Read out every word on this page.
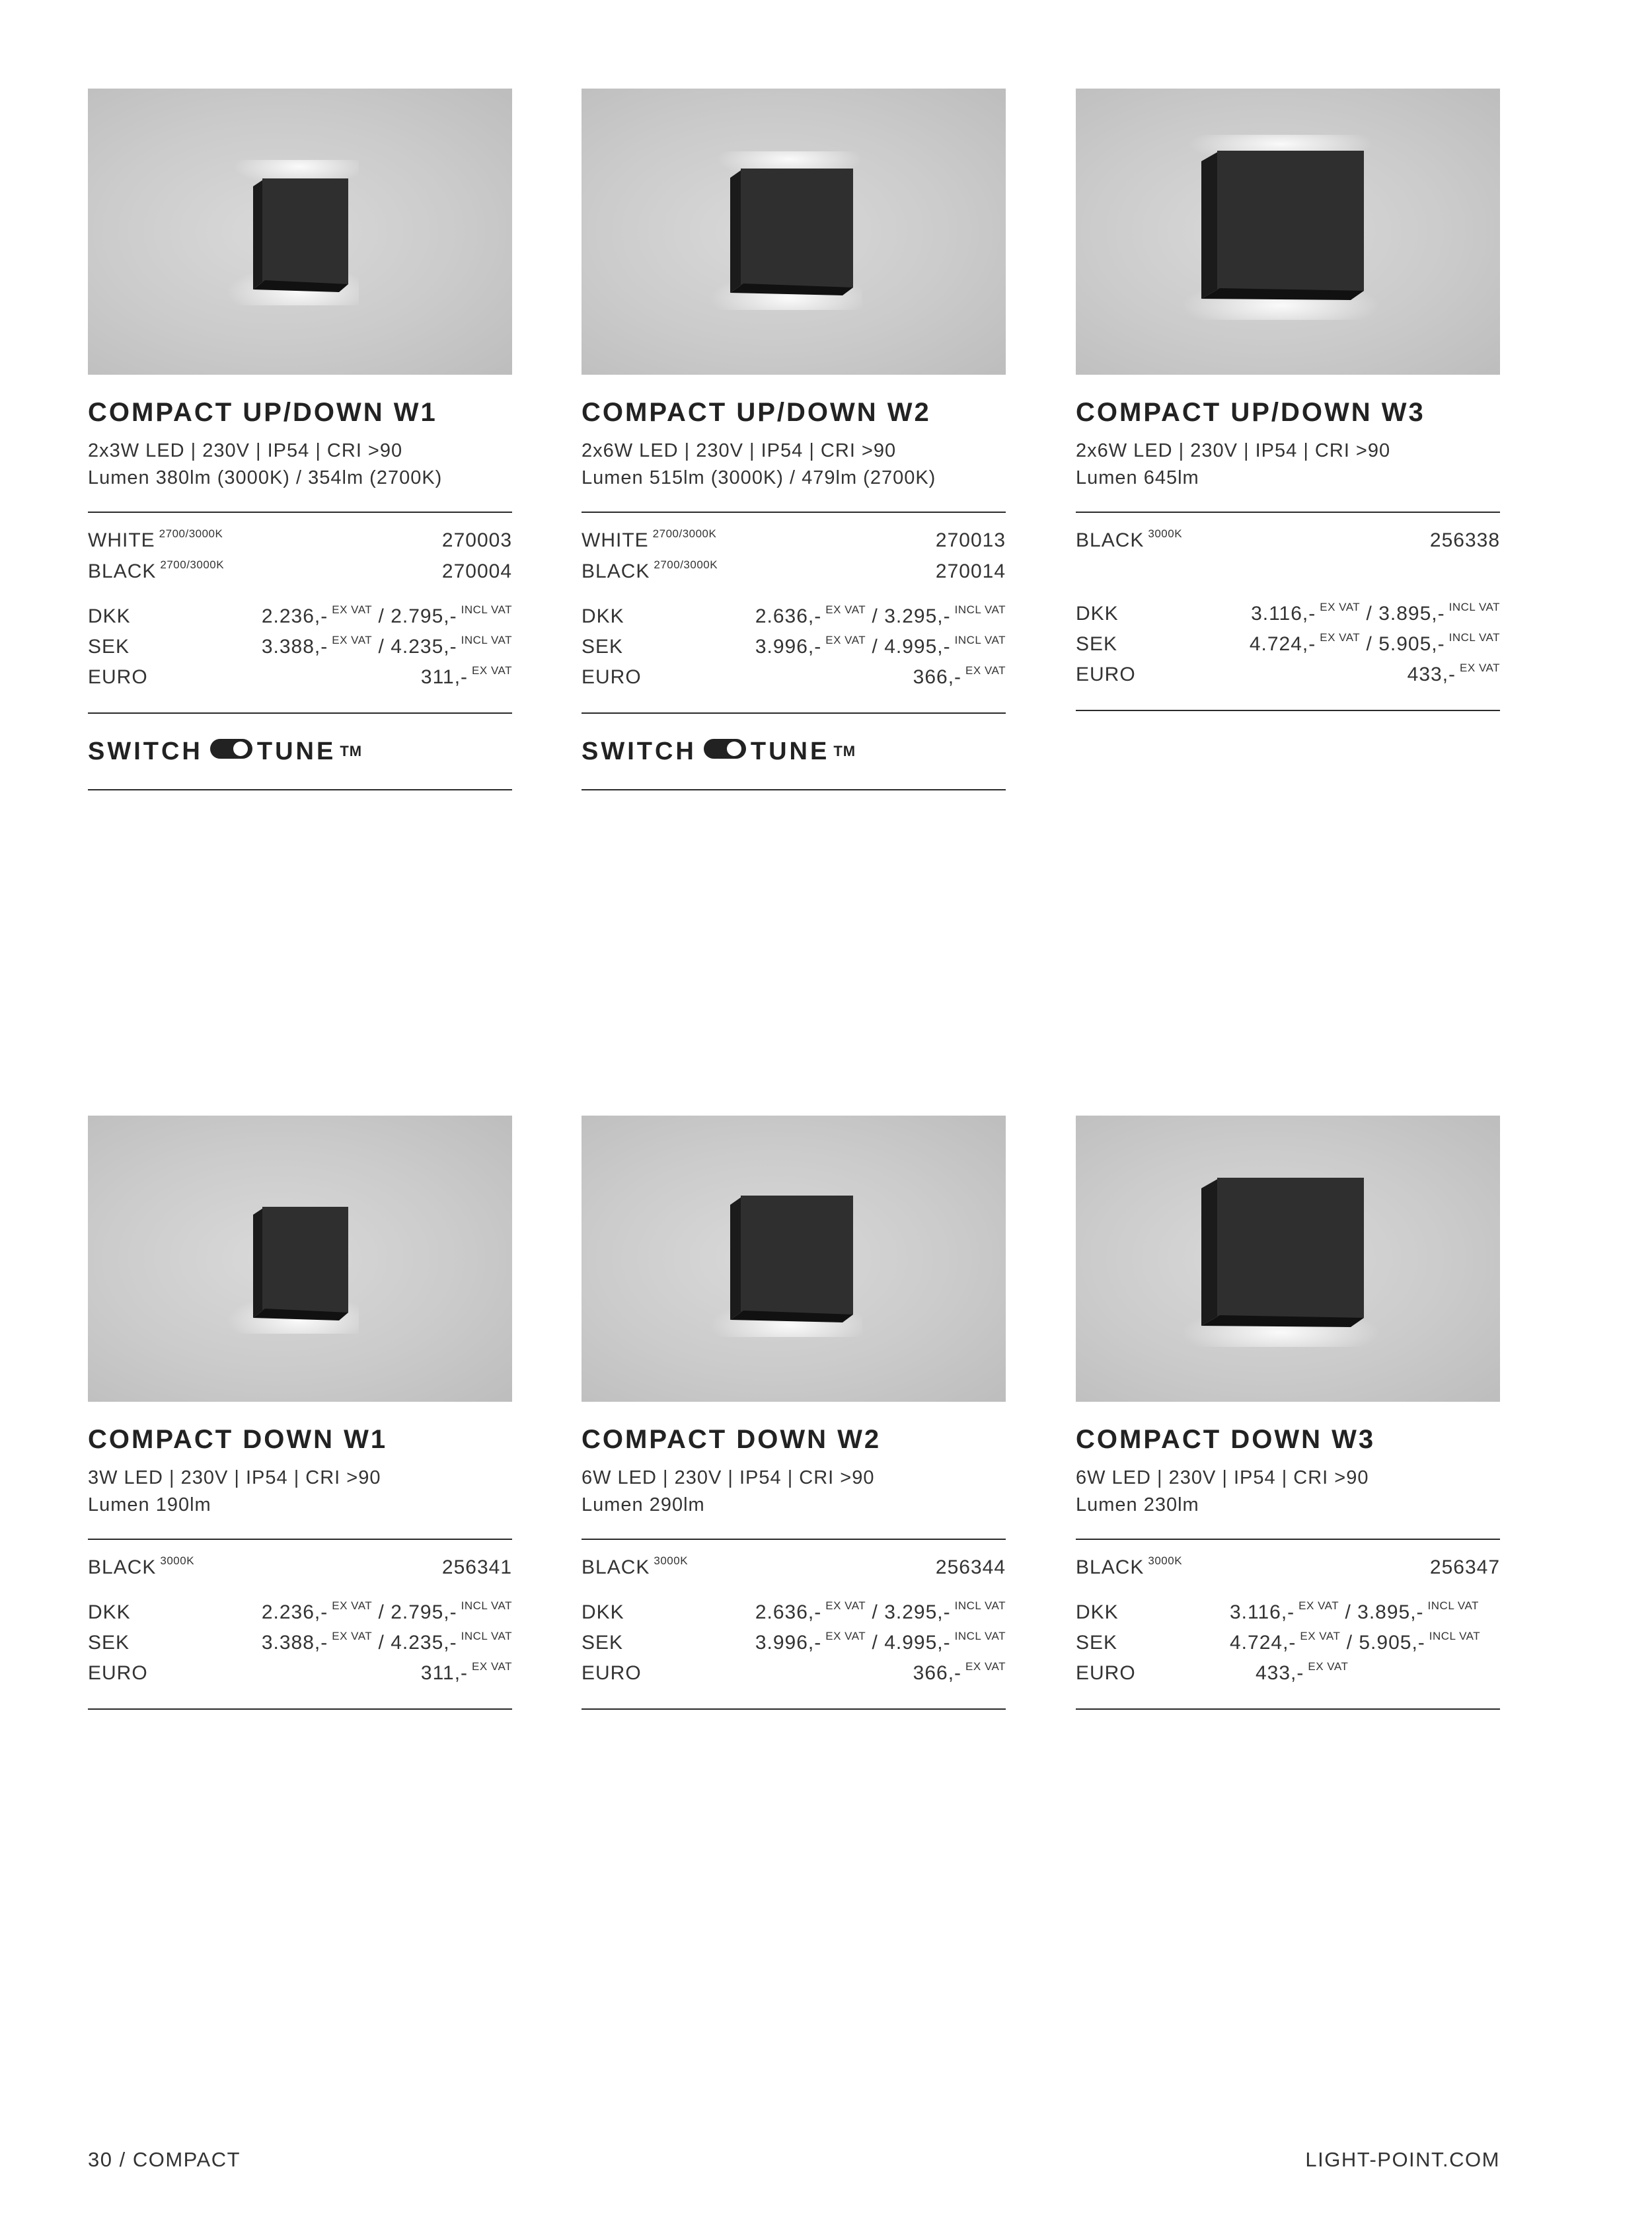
COMPACT UP/DOWN W1
2x3W LED | 230V | IP54 | CRI >90
Lumen 380lm (3000K) / 354lm (2700K)
WHITE $^{2700/3000K}$	270003
BLACK $^{2700/3000K}$	270004
DKK	2.236,- $^{EX VAT}$ / 2.795,- $^{INCL VAT}$
SEK	3.388,- $^{EX VAT}$ / 4.235,- $^{INCL VAT}$
EURO	311,- $^{EX VAT}$
SWITCH TUNE TM
COMPACT UP/DOWN W2
2x6W LED | 230V | IP54 | CRI >90
Lumen 515lm (3000K) / 479lm (2700K)
WHITE $^{2700/3000K}$	270013
BLACK $^{2700/3000K}$	270014
DKK	2.636,- $^{EX VAT}$ / 3.295,- $^{INCL VAT}$
SEK	3.996,- $^{EX VAT}$ / 4.995,- $^{INCL VAT}$
EURO	366,- $^{EX VAT}$
SWITCH TUNE TM
COMPACT UP/DOWN W3
2x6W LED | 230V | IP54 | CRI >90
Lumen 645lm
BLACK $^{3000K}$	256338
DKK	3.116,- $^{EX VAT}$ / 3.895,- $^{INCL VAT}$
SEK	4.724,- $^{EX VAT}$ / 5.905,- $^{INCL VAT}$
EURO	433,- $^{EX VAT}$
COMPACT DOWN W1
3W LED | 230V | IP54 | CRI >90
Lumen 190lm
BLACK $^{3000K}$	256341
DKK	2.236,- $^{EX VAT}$ / 2.795,- $^{INCL VAT}$
SEK	3.388,- $^{EX VAT}$ / 4.235,- $^{INCL VAT}$
EURO	311,- $^{EX VAT}$
COMPACT DOWN W2
6W LED | 230V | IP54 | CRI >90
Lumen 290lm
BLACK $^{3000K}$	256344
DKK	2.636,- $^{EX VAT}$ / 3.295,- $^{INCL VAT}$
SEK	3.996,- $^{EX VAT}$ / 4.995,- $^{INCL VAT}$
EURO	366,- $^{EX VAT}$
COMPACT DOWN W3
6W LED | 230V | IP54 | CRI >90
Lumen 230lm
BLACK $^{3000K}$	256347
DKK	3.116,- $^{EX VAT}$ / 3.895,- $^{INCL VAT}$
SEK	4.724,- $^{EX VAT}$ / 5.905,- $^{INCL VAT}$
EURO	433,- $^{EX VAT}$
30 / COMPACT	LIGHT-POINT.COM
